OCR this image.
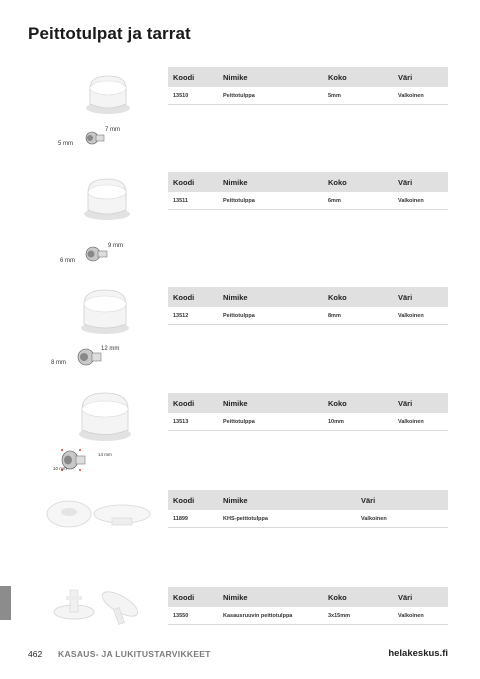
Peittotulpat ja tarrat
5 mm
7 mm
Koodi	Nimike	Koko	Väri
13510	Peittotulppa	5mm	Valkoinen
6 mm
9 mm
Koodi	Nimike	Koko	Väri
13511	Peittotulppa	6mm	Valkoinen
8 mm
12 mm
Koodi	Nimike	Koko	Väri
13512	Peittotulppa	8mm	Valkoinen
10 mm
14 mm
Koodi	Nimike	Koko	Väri
13513	Peittotulppa	10mm	Valkoinen
Koodi	Nimike	Väri
11899	KHS-peittotulppa	Valkoinen
Koodi	Nimike	Koko	Väri
13550	Kasausruuvin peittotulppa	3x15mm	Valkoinen
462 KASAUS- JA LUKITUSTARVIKKEET	helakeskus.fi
